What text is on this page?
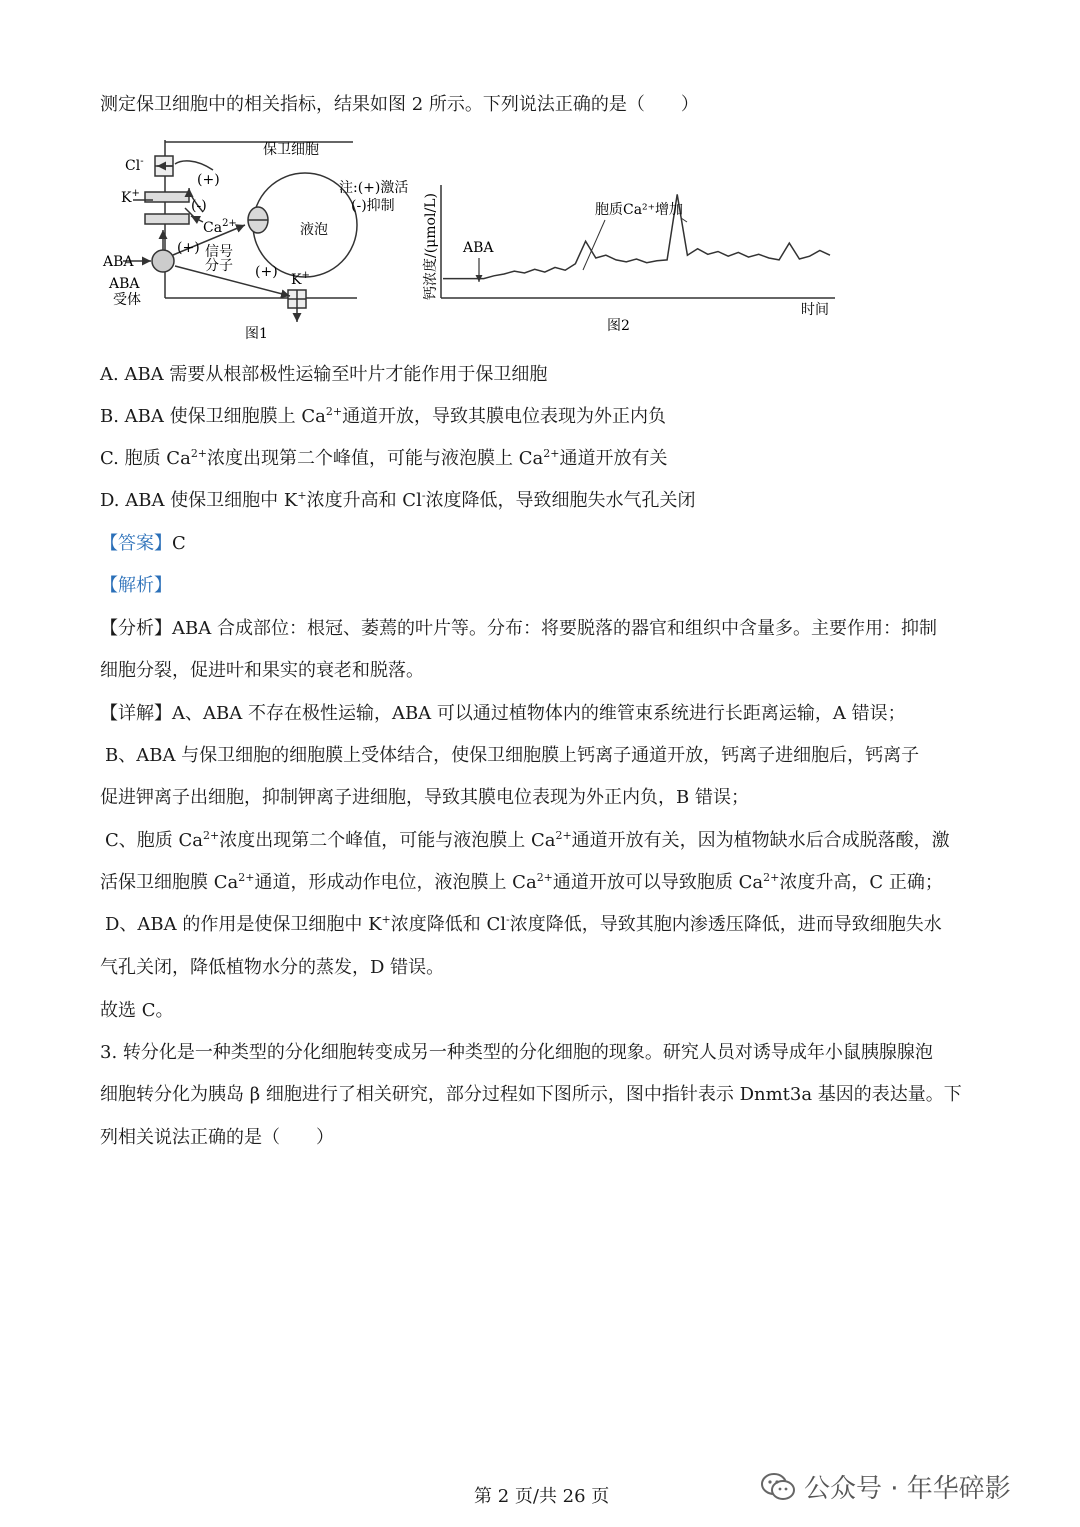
测定保卫细胞中的相关指标，结果如图 2 所示。下列说法正确的是（　　）
保卫细胞
液泡
Cl-
K+
$Ca^{2+}$
(+)
(-)
(+)
(+)
ABA
ABA
受体
信号
分子
K+
图1
注:(+)激活
(-)抑制 钙浓度/(μmol/L) ABA
胞质Ca²⁺增加
时间
图2
A. ABA 需要从根部极性运输至叶片才能作用于保卫细胞
B. ABA 使保卫细胞膜上 $Ca^{2+}$通道开放，导致其膜电位表现为外正内负
C. 胞质 $Ca^{2+}$浓度出现第二个峰值，可能与液泡膜上 $Ca^{2+}$通道开放有关
D. ABA 使保卫细胞中 K+浓度升高和 Cl-浓度降低，导致细胞失水气孔关闭
【答案】C
【解析】
【分析】ABA 合成部位：根冠、萎蔫的叶片等。分布：将要脱落的器官和组织中含量多。主要作用：抑制
细胞分裂，促进叶和果实的衰老和脱落。
【详解】A、ABA 不存在极性运输，ABA 可以通过植物体内的维管束系统进行长距离运输，A 错误；
B、ABA 与保卫细胞的细胞膜上受体结合，使保卫细胞膜上钙离子通道开放，钙离子进细胞后，钙离子
促进钾离子出细胞，抑制钾离子进细胞，导致其膜电位表现为外正内负，B 错误；
C、胞质 $Ca^{2+}$浓度出现第二个峰值，可能与液泡膜上 $Ca^{2+}$通道开放有关，因为植物缺水后合成脱落酸，激
活保卫细胞膜 $Ca^{2+}$通道，形成动作电位，液泡膜上 $Ca^{2+}$通道开放可以导致胞质 $Ca^{2+}$浓度升高，C 正确；
D、ABA 的作用是使保卫细胞中 K+浓度降低和 Cl-浓度降低，导致其胞内渗透压降低，进而导致细胞失水
气孔关闭，降低植物水分的蒸发，D 错误。
故选 C。
3. 转分化是一种类型的分化细胞转变成另一种类型的分化细胞的现象。研究人员对诱导成年小鼠胰腺腺泡
细胞转分化为胰岛 β 细胞进行了相关研究，部分过程如下图所示，图中指针表示 Dnmt3a 基因的表达量。下
列相关说法正确的是（　　）
第 2 页/共 26 页	公众号 · 年华碎影
